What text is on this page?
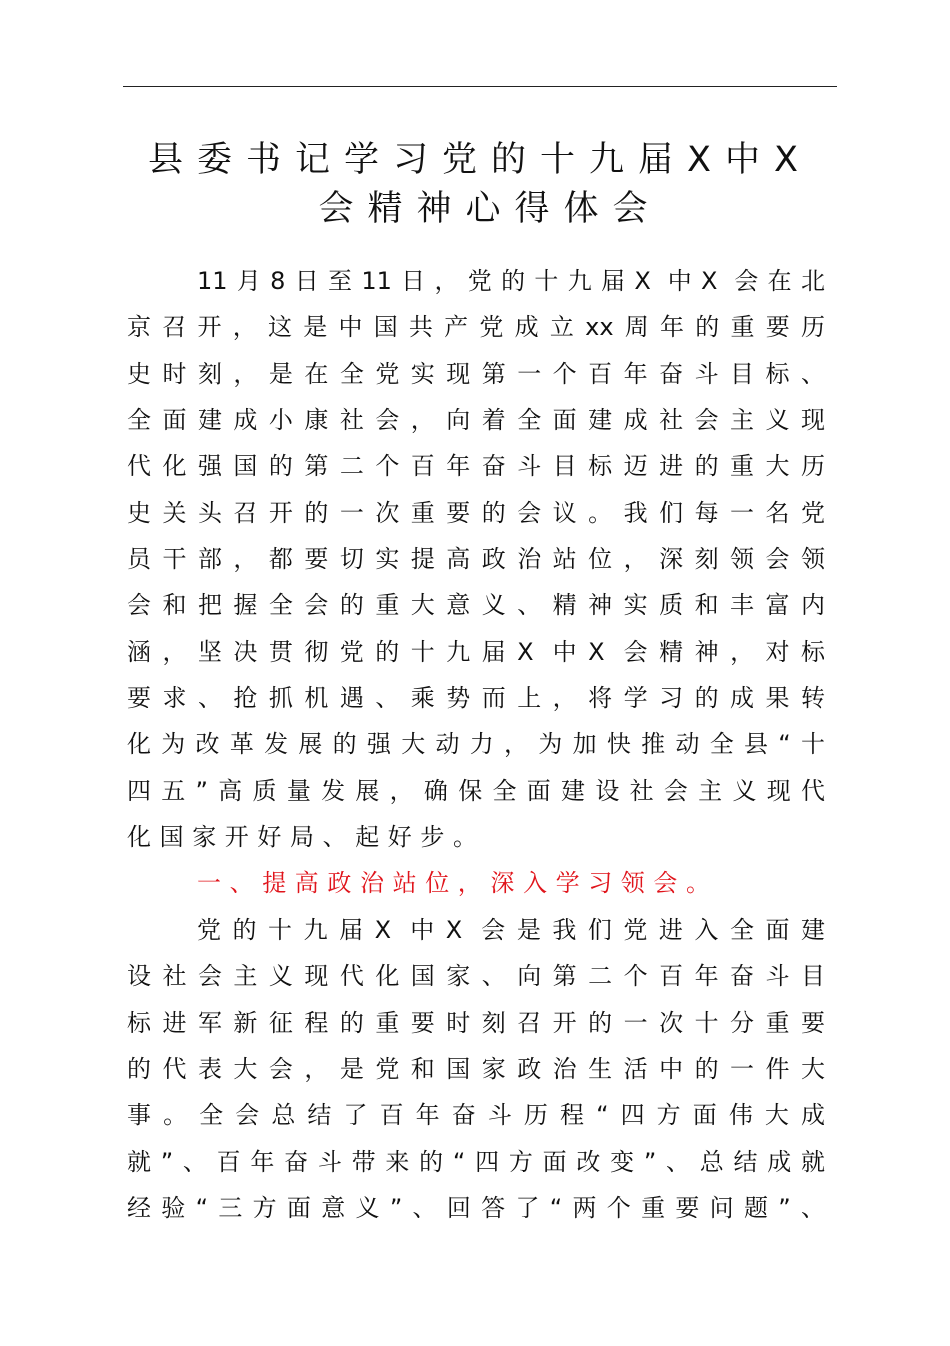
县委书记学习党的十九届X中X
会精神心得体会
11月8日至11日，党的十九届X 中X 会在北
京召开，这是中国共产党成立xx周年的重要历
史时刻，是在全党实现第一个百年奋斗目标、
全面建成小康社会，向着全面建成社会主义现
代化强国的第二个百年奋斗目标迈进的重大历
史关头召开的一次重要的会议。我们每一名党
员干部，都要切实提高政治站位，深刻领会领
会和把握全会的重大意义、精神实质和丰富内
涵，坚决贯彻党的十九届X 中X 会精神，对标
要求、抢抓机遇、乘势而上，将学习的成果转
化为改革发展的强大动力，为加快推动全县“十
四五”高质量发展，确保全面建设社会主义现代
化国家开好局、起好步。
一、提高政治站位，深入学习领会。
党的十九届X 中X 会是我们党进入全面建
设社会主义现代化国家、向第二个百年奋斗目
标进军新征程的重要时刻召开的一次十分重要
的代表大会，是党和国家政治生活中的一件大
事。全会总结了百年奋斗历程“四方面伟大成
就”、百年奋斗带来的“四方面改变”、总结成就
经验“三方面意义”、回答了“两个重要问题”、
